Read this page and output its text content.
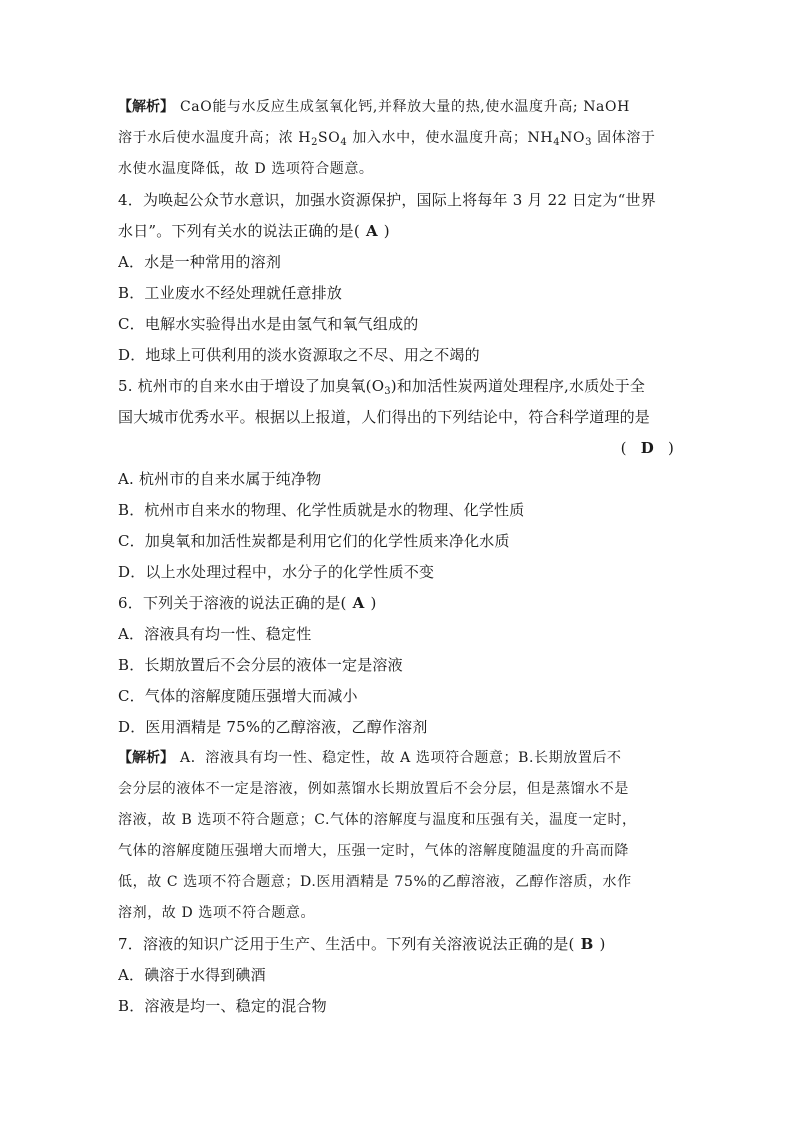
【解析】 CaO能与水反应生成氢氧化钙,并释放大量的热,使水温度升高; NaOH
溶于水后使水温度升高；浓 $H_2SO_4$ 加入水中，使水温度升高；$NH_4NO_3$ 固体溶于
水使水温度降低，故 D 选项符合题意。
4．为唤起公众节水意识，加强水资源保护，国际上将每年 3 月 22 日定为“世界
水日”。下列有关水的说法正确的是( A )
A．水是一种常用的溶剂
B．工业废水不经处理就任意排放
C．电解水实验得出水是由氢气和氧气组成的
D．地球上可供利用的淡水资源取之不尽、用之不竭的
5. 杭州市的自来水由于增设了加臭氧$(O_3)$和加活性炭两道处理程序,水质处于全
国大城市优秀水平。根据以上报道，人们得出的下列结论中，符合科学道理的是
( D )
A. 杭州市的自来水属于纯净物
B．杭州市自来水的物理、化学性质就是水的物理、化学性质
C．加臭氧和加活性炭都是利用它们的化学性质来净化水质
D．以上水处理过程中，水分子的化学性质不变
6．下列关于溶液的说法正确的是( A )
A．溶液具有均一性、稳定性
B．长期放置后不会分层的液体一定是溶液
C．气体的溶解度随压强增大而减小
D．医用酒精是 75%的乙醇溶液，乙醇作溶剂
【解析】 A．溶液具有均一性、稳定性，故 A 选项符合题意；B.长期放置后不
会分层的液体不一定是溶液，例如蒸馏水长期放置后不会分层，但是蒸馏水不是
溶液，故 B 选项不符合题意；C.气体的溶解度与温度和压强有关，温度一定时，
气体的溶解度随压强增大而增大，压强一定时，气体的溶解度随温度的升高而降
低，故 C 选项不符合题意；D.医用酒精是 75%的乙醇溶液，乙醇作溶质，水作
溶剂，故 D 选项不符合题意。
7．溶液的知识广泛用于生产、生活中。下列有关溶液说法正确的是( B )
A．碘溶于水得到碘酒
B．溶液是均一、稳定的混合物
